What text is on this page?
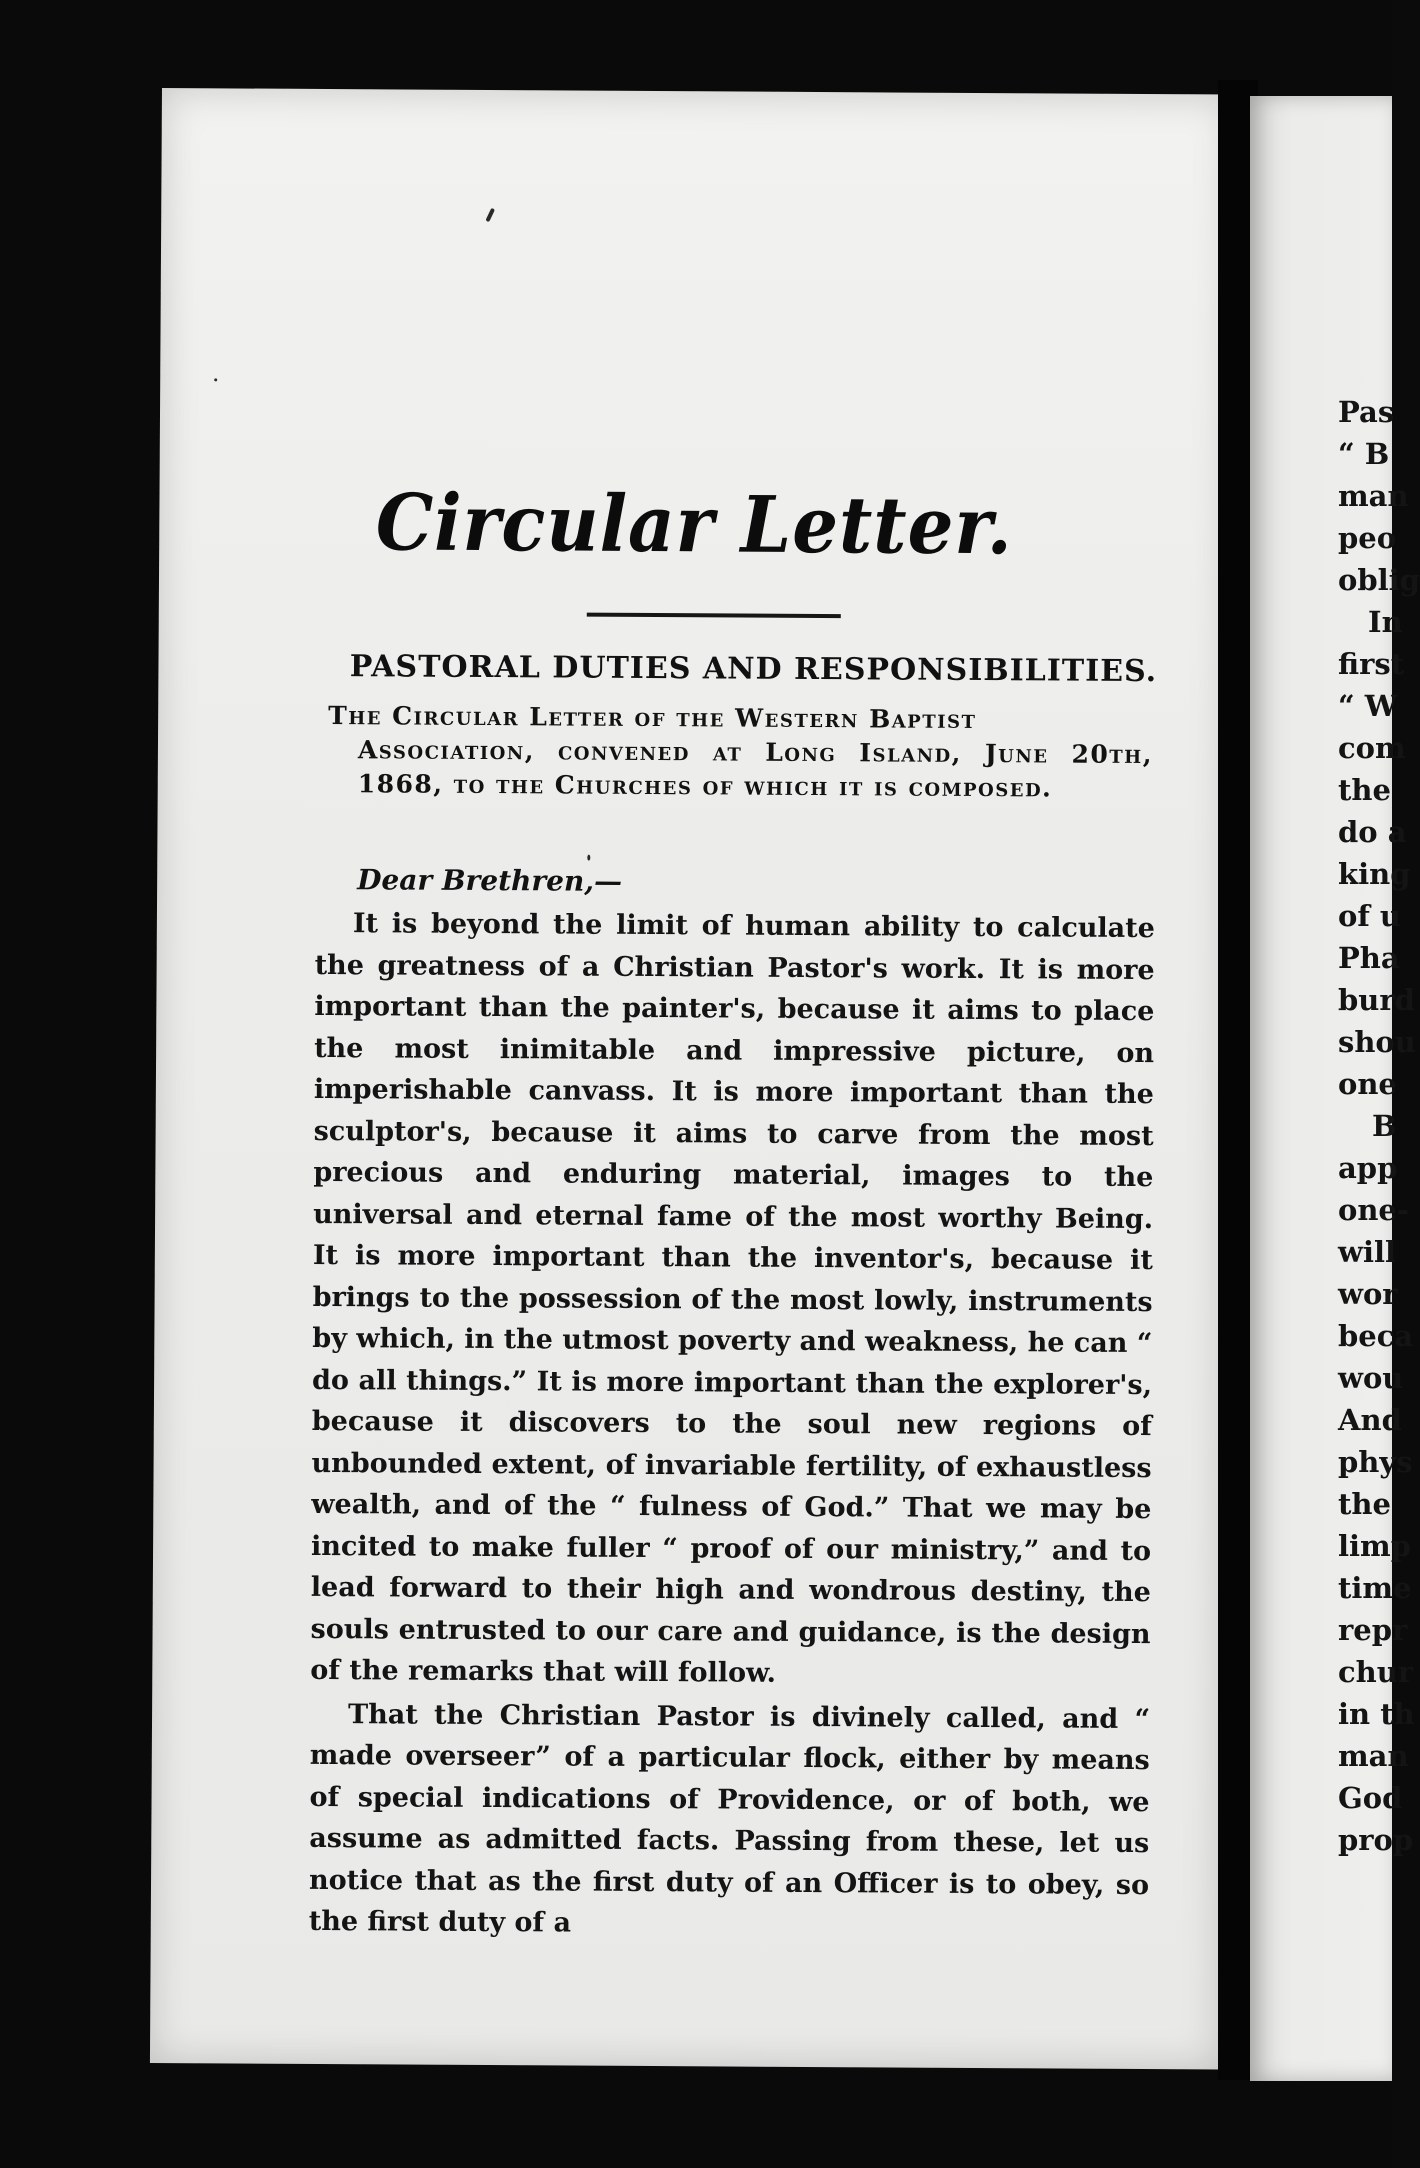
Circular Letter.
PASTORAL DUTIES AND RESPONSIBILITIES.
The Circular Letter of the Western Baptist
Association, convened at Long Island, June 20th, 1868, to the Churches of which it is composed.
Dear Brethren,—

It is beyond the limit of human ability to calculate the greatness of a Christian Pastor's work. It is more important than the painter's, because it aims to place the most inimitable and impressive picture, on imperishable canvass. It is more important than the sculptor's, because it aims to carve from the most precious and enduring material, images to the universal and eternal fame of the most worthy Being. It is more important than the inventor's, because it brings to the possession of the most lowly, instruments by which, in the utmost poverty and weakness, he can “ do all things.” It is more important than the explorer's, because it discovers to the soul new regions of unbounded extent, of invariable fertility, of exhaustless wealth, and of the “ fulness of God.” That we may be incited to make fuller “ proof of our ministry,” and to lead forward to their high and wondrous destiny, the souls entrusted to our care and guidance, is the design of the remarks that will follow.

That the Christian Pastor is divinely called, and “ made overseer” of a particular flock, either by means of special indications of Providence, or of both, we assume as admitted facts. Passing from these, let us notice that as the first duty of an Officer is to obey, so the first duty of a

Pas
“ B
man
peo
oblig
In
first
“ W
com
the
do a
king
of u
Pha
burd
shou
one
B
app
one-
will
wor
beca
wou
And
phys
the
limp
time
repr
chur
in th
man
God
prop
